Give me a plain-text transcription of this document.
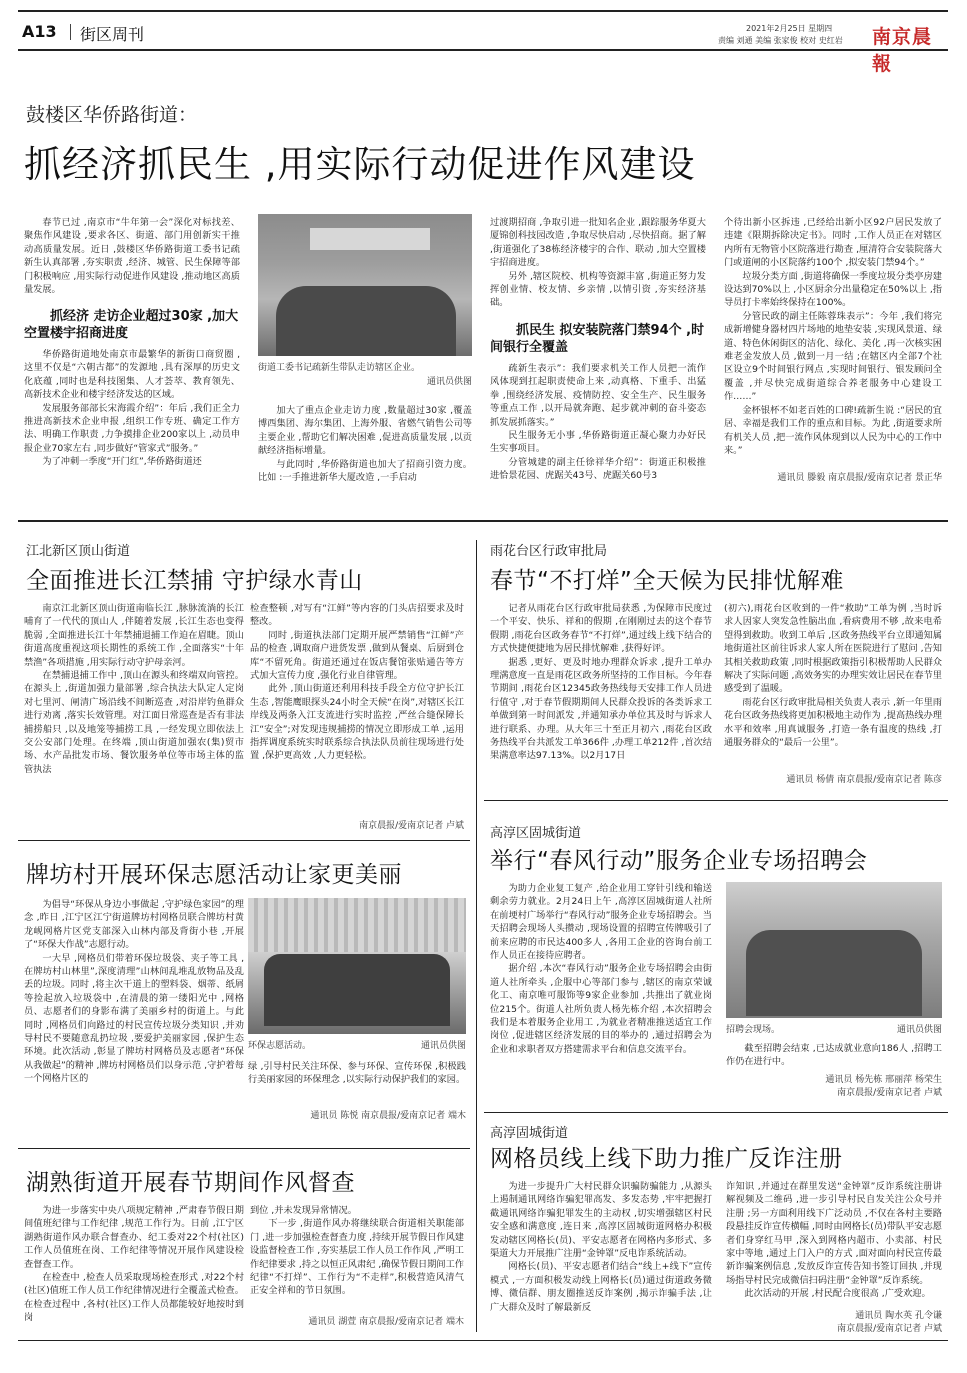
A13 街区周刊	2021年2月25日 星期四
责编 刘通 美编 张家俊 校对 史红岩 南京晨報
鼓楼区华侨路街道：
抓经济抓民生 ,用实际行动促进作风建设

春节已过 ,南京市“牛年第一会”深化对标找差、聚焦作风建设 ,要求各区、街道、部门用创新实干推动高质量发展。近日 ,鼓楼区华侨路街道工委书记疏新生认真部署 ,夯实职责 ,经济、城管、民生保障等部门积极响应 ,用实际行动促进作风建设 ,推动地区高质量发展。

抓经济 走访企业超过30家 ,加大空置楼宇招商进度

华侨路街道地处南京市最繁华的新街口商贸圈 ,这里不仅是“六朝古都”的发源地 ,具有深厚的历史文化底蕴 ,同时也是科技图集、人才荟萃、教育领先、高新技术企业和楼宇经济发达的区域。

发展服务部部长宋海霞介绍”：年后 ,我们正全力推进高新技术企业申报 ,组织工作专班、确定工作方法、明确工作职责 ,力争摸排企业200家以上 ,动员申报企业70家左右 ,同步做好“管家式”服务。”

为了冲刺一季度“开门红”,华侨路街道还

街道工委书记疏新生带队走访辖区企业。
通讯员供图

加大了重点企业走访力度 ,数量超过30家 ,覆盖博西集团、海尔集团、上海外服、省燃气销售公司等主要企业 ,帮助它们解决困难 ,促进高质量发展 ,以贡献经济指标增量。

与此同时 ,华侨路街道也加大了招商引资力度。比如 :一手推进新华大厦改造 ,一手启动

过渡期招商 ,争取引进一批知名企业 ,跟踪服务华夏大厦锦创科技园改造 ,争取尽快启动 ,尽快招商。据了解 ,街道强化了38栋经济楼宇的合作、联动 ,加大空置楼宇招商进度。

另外 ,辖区院校、机构等资源丰富 ,街道正努力发挥创业情、校友情、乡亲情 ,以情引资 ,夯实经济基础。

抓民生 拟安装院落门禁94个 ,时间银行全覆盖

疏新生表示”：我们要求机关工作人员把一流作风体现到扛起职责使命上来 ,动真格、下重手、出猛拳 ,围绕经济发展、疫情防控、安全生产、民生服务等重点工作 ,以开局就奔跑、起步就冲刺的奋斗姿态抓发展抓落实。”

民生服务无小事 ,华侨路街道正凝心聚力办好民生实事项目。

分管城建的副主任徐祥华介绍”：街道正积极推进恰景花园、虎踞关43号、虎踞关60号3

个待出新小区拆违 ,已经给出新小区92户居民发放了违建《限期拆除决定书》。同时 ,工作人员正在对辖区内所有无物管小区院落进行勘查 ,厘清符合安装院落大门或道闸的小区院落约100个 ,拟安装门禁94个。”

垃圾分类方面 ,街道将确保一季度垃圾分类亭房建设达到70%以上 ,小区厨余分出量稳定在50%以上 ,指导员打卡率始终保持在100%。

分管民政的副主任陈蓉珠表示”：今年 ,我们将完成新增健身器材四片场地的地垫安装 ,实现风景道、绿道、特色休闲街区的洁化、绿化、美化 ,再一次核实困难老金发放人员 ,做到一月一结 ;在辖区内全部7个社区设立9个时间银行网点 ,实现时间银行、银发顾问全覆盖 ,并尽快完成街道综合养老服务中心建设工作……”

金杯银杯不如老百姓的口碑!疏新生说 :“居民的宜居、幸福是我们工作的重点和目标。为此 ,街道要求所有机关人员 ,把一流作风体现到以人民为中心的工作中来。”

通讯员 滕毅 南京晨报/爱南京记者 景正华
江北新区顶山街道
全面推进长江禁捕 守护绿水青山

南京江北新区顶山街道南临长江 ,脉脉流淌的长江哺育了一代代的顶山人 ,伴随着发展 ,长江生态也变得脆弱 ,全面推进长江十年禁捕退捕工作迫在眉睫。顶山街道高度重视这项长期性的系统工作 ,全面落实“十年禁渔”各项措施 ,用实际行动守护母亲河。

在禁捕退捕工作中 ,顶山在源头和终端双向管控。在源头上 ,街道加强力量部署 ,综合执法大队定人定岗对七里河、闸清广场沿线不间断巡查 ,对沿岸钓鱼群众进行劝离 ,落实长效管理。对江面日常巡查是否有非法捕捞船只 ,以及地笼等捕捞工具 ,一经发现立即依法上交公安部门处理。在终端 ,顶山街道加强农(集)贸市场、水产品批发市场、餐饮服务单位等市场主体的监管执法

检查整顿 ,对写有“江鲜”等内容的门头店招要求及时整改。

同时 ,街道执法部门定期开展严禁销售“江鲜”产品的检查 ,调取商户进货发票 ,做到从餐桌、后厨到仓库“不留死角。街道还通过在饭店餐馆张贴通告等方式加大宣传力度 ,强化行业自律管理。

此外 ,顶山街道还利用科技手段全方位守护长江生态 ,智能鹰眼探头24小时全天候“在岗”,对辖区长江岸线及两条入江支流进行实时监控 ,严丝合缝保障长江“安全”;对发现违规捕捞的情况立即形成工单 ,运用指挥调度系统实时联系综合执法队员前往现场进行处置 ,保护更高效 ,人力更轻松。

南京晨报/爱南京记者 卢斌
雨花台区行政审批局
春节“不打烊”全天候为民排忧解难

记者从雨花台区行政审批局获悉 ,为保障市民度过一个平安、快乐、祥和的假期 ,在刚刚过去的这个春节假期 ,雨花台区政务春节“不打烊”,通过线上线下结合的方式快捷便捷地为居民排忧解难 ,获得好评。

据悉 ,更好、更及时地办理群众诉求 ,提升工单办理满意度一直是雨花区政务所坚持的工作目标。今年春节期间 ,雨花台区12345政务热线每天安排工作人员进行值守 ,对于春节假期期间人民群众投诉的各类诉求工单做到第一时间派发 ,并通知承办单位其及时与诉求人进行联系、办理。从大年三十至正月初六 ,雨花台区政务热线平台共派发工单366件 ,办理工单212件 ,首次结果满意率达97.13%。以2月17日

(初六),雨花台区收到的一件“救助”工单为例 ,当时诉求人因家人突发急性脑出血 ,看病费用不够 ,故来电希望得到救助。收到工单后 ,区政务热线平台立即通知属地街道社区前往诉求人家人所在医院进行了慰问 ,告知其相关救助政策 ,同时根据政策指引积极帮助人民群众解决了实际问题 ,高效务实的办理实效让居民在春节里感受到了温暖。

雨花台区行政审批局相关负责人表示 ,新一年里雨花台区政务热线将更加积极地主动作为 ,提高热线办理水平和效率 ,用真诚服务 ,打造一条有温度的热线 ,打通服务群众的“最后一公里”。

通讯员 杨倩 南京晨报/爱南京记者 陈彦
牌坊村开展环保志愿活动让家更美丽

为倡导“环保从身边小事做起 ,守护绿色家园”的理念 ,昨日 ,江宁区江宁街道牌坊村网格员联合牌坊村黄龙岘网格片区党支部深入山林内部及背街小巷 ,开展了“环保大作战”志愿行动。

一大早 ,网格员们带着环保垃圾袋、夹子等工具 ,在牌坊村山林里”,深度清理”山林间乱堆乱放物品及乱丢的垃圾。同时 ,将主次干道上的塑料袋、烟蒂、纸屑等捡起放入垃圾袋中 ,在清晨的第一缕阳光中 ,网格员、志愿者们的身影布满了美丽乡村的街道上。与此同时 ,网格员们向路过的村民宣传垃圾分类知识 ,并劝导村民不要随意乱扔垃圾 ,要爱护美丽家园 ,保护生态环境。此次活动 ,彰显了牌坊村网格员及志愿者“环保从我做起”的精神 ,牌坊村网格员们以身示范 ,守护着每一个网格片区的

环保志愿活动。	通讯员供图

绿 ,引导村民关注环保、参与环保、宣传环保 ,积极践行美丽家园的环保理念 ,以实际行动保护我们的家园。

通讯员 陈悦 南京晨报/爱南京记者 端木
高淳区固城街道
举行“春风行动”服务企业专场招聘会

为助力企业复工复产 ,给企业用工穿针引线和输送剩余劳力就业。2月24日上午 ,高淳区固城街道人社所在前埂村广场举行“春风行动”服务企业专场招聘会。当天招聘会现场人头攒动 ,现场设置的招聘宣传牌吸引了前来应聘的市民达400多人 ,各用工企业的咨询台前工作人员正在接待应聘者。

据介绍 ,本次“春风行动”服务企业专场招聘会由街道人社所牵头 ,企服中心等部门参与 ,辖区的南京荣诚化工、南京唯可服饰等9家企业参加 ,共推出了就业岗位215个。街道人社所负责人杨先栋介绍 ,本次招聘会我们是本着服务企业用工 ,为就业者精准推送适宜工作岗位 ,促进辖区经济发展的目的举办的 ,通过招聘会为企业和求职者双方搭建需求平台和信息交流平台。

招聘会现场。	通讯员供图

截至招聘会结束 ,已达成就业意向186人 ,招聘工作仍在进行中。

通讯员 杨先栋 邢丽萍 杨荣生
南京晨报/爱南京记者 卢斌
湖熟街道开展春节期间作风督查

为进一步落实中央八项规定精神 ,严肃春节假日期间值班纪律与工作纪律 ,规范工作行为。日前 ,江宁区湖熟街道作风办联合督查办、纪工委对22个村(社区)工作人员值班在岗、工作纪律等情况开展作风建设检查督查工作。

在检查中 ,检查人员采取现场检查形式 ,对22个村(社区)值班工作人员工作纪律情况进行全覆盖式检查。在检查过程中 ,各村(社区)工作人员都能较好地按时到岗

到位 ,并未发现异常情况。

下一步 ,街道作风办将继续联合街道相关职能部门 ,进一步加强检查督查力度 ,持续开展节假日作风建设监督检查工作 ,夯实基层工作人员工作作风 ,严明工作纪律要求 ,持之以恒正风肃纪 ,确保节假日期间工作纪律“不打烊”、工作行为“不走样”,积极营造风清气正安全祥和的节日氛围。

通讯员 湖萱 南京晨报/爱南京记者 端木
高淳固城街道
网格员线上线下助力推广反诈注册

为进一步提升广大村民群众识骗防骗能力 ,从源头上遏制通讯网络诈骗犯罪高发、多发态势 ,牢牢把握打截通讯网络诈骗犯罪发生的主动权 ,切实增强辖区村民安全感和满意度 ,连日来 ,高淳区固城街道网格办积极发动辖区网格长(员)、平安志愿者在网格内多形式、多渠道大力开展推广注册“金钟罩”反电诈系统活动。

网格长(员)、平安志愿者们结合“线上+线下”宣传模式 ,一方面积极发动线上网格长(员)通过街道政务微博、微信群、朋友圈推送反诈案例 ,揭示诈骗手法 ,让广大群众及时了解最新反

诈知识 ,并通过在群里发送“金钟罩”反诈系统注册讲解视频及二维码 ,进一步引导村民自发关注公众号并注册 ;另一方面利用线下广泛动员 ,不仅在各村主要路段悬挂反诈宣传横幅 ,同时由网格长(员)带队平安志愿者们身穿红马甲 ,深入到网格内超市、小卖部、村民家中等地 ,通过上门入户的方式 ,面对面向村民宣传最新诈骗案例信息 ,发放反诈宣传告知书签订回执 ,并现场指导村民完成微信扫码注册“金钟罩”反诈系统。

此次活动的开展 ,村民配合度很高 ,广受欢迎。

通讯员 陶水英 孔令谦
南京晨报/爱南京记者 卢斌
